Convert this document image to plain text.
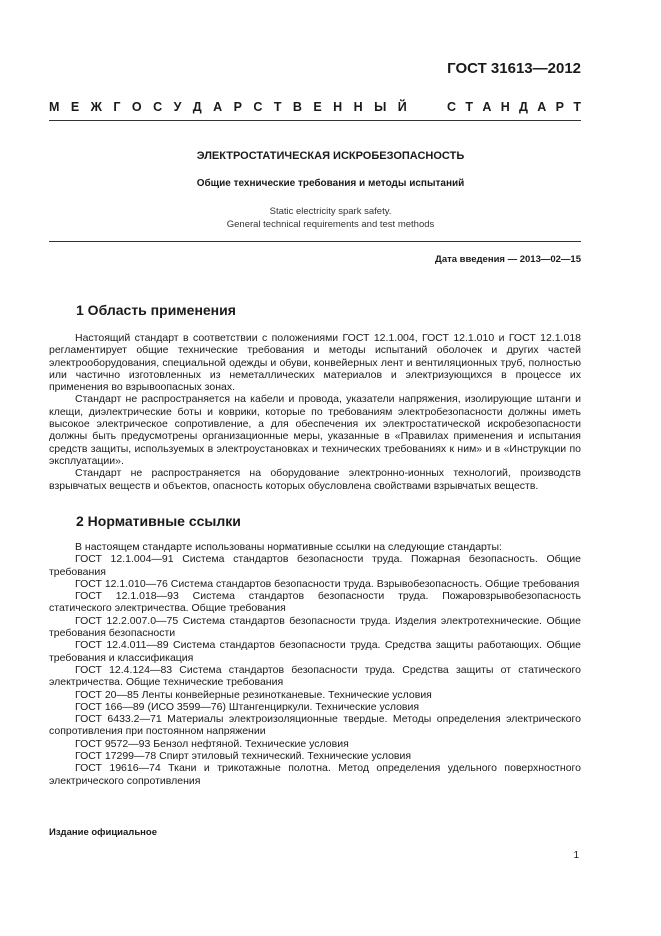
ГОСТ 31613—2012
М Е Ж Г О С У Д А Р С Т В Е Н Н Ы Й	С Т А Н Д А Р Т
ЭЛЕКТРОСТАТИЧЕСКАЯ ИСКРОБЕЗОПАСНОСТЬ
Общие технические требования и методы испытаний
Static electricity spark safety.
General technical requirements and test methods
Дата введения — 2013—02—15
1 Область применения

Настоящий стандарт в соответствии с положениями ГОСТ 12.1.004, ГОСТ 12.1.010 и ГОСТ 12.1.018 регламентирует общие технические требования и методы испытаний оболочек и других частей электрооборудования, специальной одежды и обуви, конвейерных лент и вентиляционных труб, полностью или частично изготовленных из неметаллических материалов и электризующихся в процессе их применения во взрывоопасных зонах.

Стандарт не распространяется на кабели и провода, указатели напряжения, изолирующие штанги и клещи, диэлектрические боты и коврики, которые по требованиям электробезопасности должны иметь высокое электрическое сопротивление, а для обеспечения их электростатической искробезопасности должны быть предусмотрены организационные меры, указанные в «Правилах применения и испытания средств защиты, используемых в электроустановках и технических требованиях к ним» и в «Инструкции по эксплуатации».

Стандарт не распространяется на оборудование электронно-ионных технологий, производств взрывчатых веществ и объектов, опасность которых обусловлена свойствами взрывчатых веществ.

2 Нормативные ссылки

В настоящем стандарте использованы нормативные ссылки на следующие стандарты:

ГОСТ 12.1.004—91 Система стандартов безопасности труда. Пожарная безопасность. Общие требования

ГОСТ 12.1.010—76 Система стандартов безопасности труда. Взрывобезопасность. Общие требования

ГОСТ 12.1.018—93 Система стандартов безопасности труда. Пожаровзрывобезопасность статического электричества. Общие требования

ГОСТ 12.2.007.0—75 Система стандартов безопасности труда. Изделия электротехнические. Общие требования безопасности

ГОСТ 12.4.011—89 Система стандартов безопасности труда. Средства защиты работающих. Общие требования и классификация

ГОСТ 12.4.124—83 Система стандартов безопасности труда. Средства защиты от статического электричества. Общие технические требования

ГОСТ 20—85 Ленты конвейерные резинотканевые. Технические условия

ГОСТ 166—89 (ИСО 3599—76) Штангенциркули. Технические условия

ГОСТ 6433.2—71 Материалы электроизоляционные твердые. Методы определения электрического сопротивления при постоянном напряжении

ГОСТ 9572—93 Бензол нефтяной. Технические условия

ГОСТ 17299—78 Спирт этиловый технический. Технические условия

ГОСТ 19616—74 Ткани и трикотажные полотна. Метод определения удельного поверхностного электрического сопротивления

Издание официальное
1
